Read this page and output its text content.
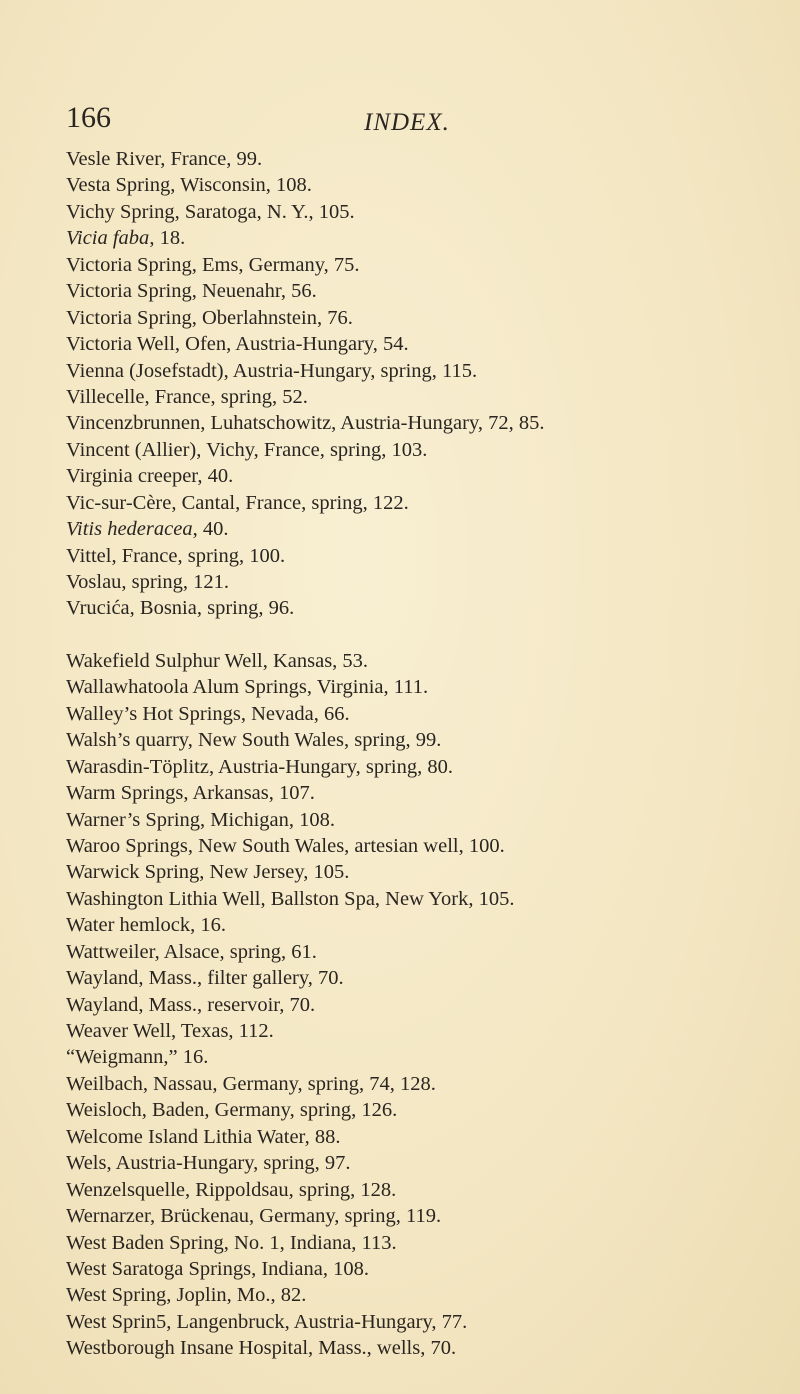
166	INDEX.
Vesle River, France, 99.
Vesta Spring, Wisconsin, 108.
Vichy Spring, Saratoga, N. Y., 105.
Vicia faba, 18.
Victoria Spring, Ems, Germany, 75.
Victoria Spring, Neuenahr, 56.
Victoria Spring, Oberlahnstein, 76.
Victoria Well, Ofen, Austria-Hungary, 54.
Vienna (Josefstadt), Austria-Hungary, spring, 115.
Villecelle, France, spring, 52.
Vincenzbrunnen, Luhatschowitz, Austria-Hungary, 72, 85.
Vincent (Allier), Vichy, France, spring, 103.
Virginia creeper, 40.
Vic-sur-Cère, Cantal, France, spring, 122.
Vitis hederacea, 40.
Vittel, France, spring, 100.
Voslau, spring, 121.
Vrucića, Bosnia, spring, 96.
Wakefield Sulphur Well, Kansas, 53.
Wallawhatoola Alum Springs, Virginia, 111.
Walley’s Hot Springs, Nevada, 66.
Walsh’s quarry, New South Wales, spring, 99.
Warasdin-Töplitz, Austria-Hungary, spring, 80.
Warm Springs, Arkansas, 107.
Warner’s Spring, Michigan, 108.
Waroo Springs, New South Wales, artesian well, 100.
Warwick Spring, New Jersey, 105.
Washington Lithia Well, Ballston Spa, New York, 105.
Water hemlock, 16.
Wattweiler, Alsace, spring, 61.
Wayland, Mass., filter gallery, 70.
Wayland, Mass., reservoir, 70.
Weaver Well, Texas, 112.
“Weigmann,” 16.
Weilbach, Nassau, Germany, spring, 74, 128.
Weisloch, Baden, Germany, spring, 126.
Welcome Island Lithia Water, 88.
Wels, Austria-Hungary, spring, 97.
Wenzelsquelle, Rippoldsau, spring, 128.
Wernarzer, Brückenau, Germany, spring, 119.
West Baden Spring, No. 1, Indiana, 113.
West Saratoga Springs, Indiana, 108.
West Spring, Joplin, Mo., 82.
West Sprin5, Langenbruck, Austria-Hungary, 77.
Westborough Insane Hospital, Mass., wells, 70.
